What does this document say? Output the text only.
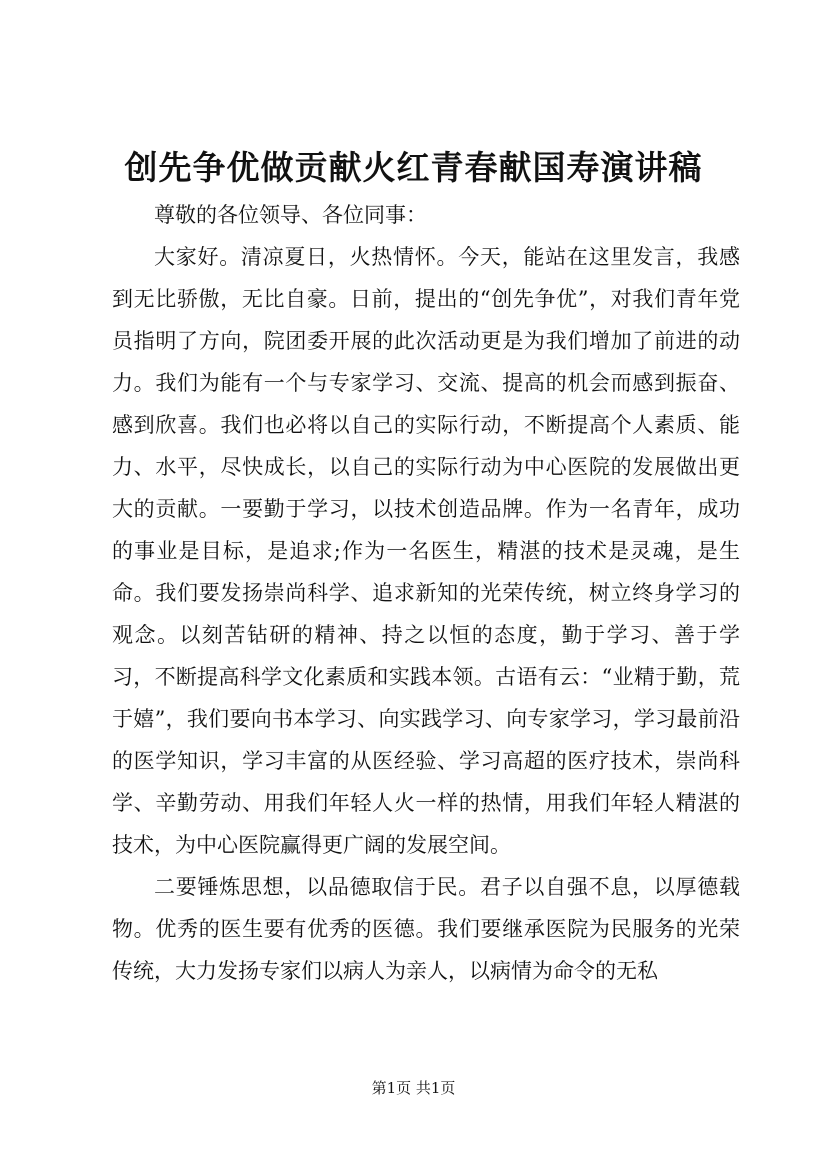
创先争优做贡献火红青春献国寿演讲稿

尊敬的各位领导、各位同事：

大家好。清凉夏日，火热情怀。今天，能站在这里发言，我感到无比骄傲，无比自豪。日前，提出的“创先争优”，对我们青年党员指明了方向，院团委开展的此次活动更是为我们增加了前进的动力。我们为能有一个与专家学习、交流、提高的机会而感到振奋、感到欣喜。我们也必将以自己的实际行动，不断提高个人素质、能力、水平，尽快成长，以自己的实际行动为中心医院的发展做出更大的贡献。一要勤于学习，以技术创造品牌。作为一名青年，成功的事业是目标，是追求;作为一名医生，精湛的技术是灵魂，是生命。我们要发扬崇尚科学、追求新知的光荣传统，树立终身学习的观念。以刻苦钻研的精神、持之以恒的态度，勤于学习、善于学习，不断提高科学文化素质和实践本领。古语有云：“业精于勤，荒于嬉”，我们要向书本学习、向实践学习、向专家学习，学习最前沿的医学知识，学习丰富的从医经验、学习高超的医疗技术，崇尚科学、辛勤劳动、用我们年轻人火一样的热情，用我们年轻人精湛的技术，为中心医院赢得更广阔的发展空间。

二要锤炼思想，以品德取信于民。君子以自强不息，以厚德载物。优秀的医生要有优秀的医德。我们要继承医院为民服务的光荣传统，大力发扬专家们以病人为亲人，以病情为命令的无私

第1页 共1页
